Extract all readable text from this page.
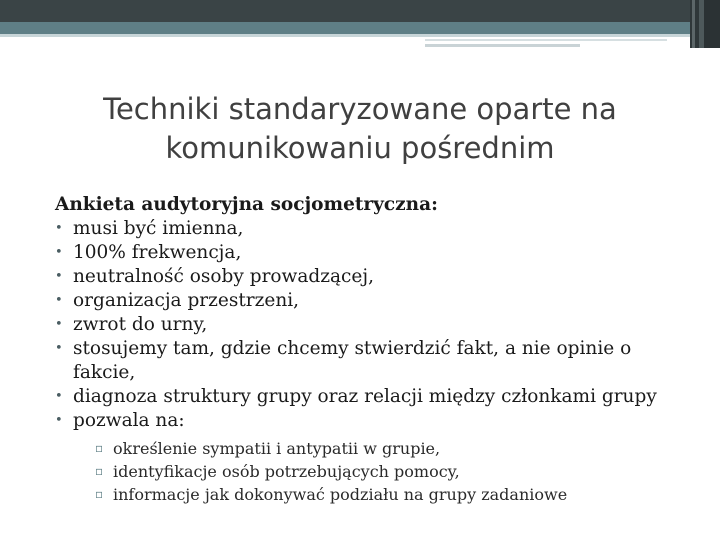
Techniki standaryzowane oparte na komunikowaniu pośrednim

Ankieta audytoryjna socjometryczna:

• musi być imienna,
• 100% frekwencja,
• neutralność osoby prowadzącej,
• organizacja przestrzeni,
• zwrot do urny,
• stosujemy tam, gdzie chcemy stwierdzić fakt, a nie opinie o fakcie,
• diagnoza struktury grupy oraz relacji między członkami grupy
• pozwala na:
▫ określenie sympatii i antypatii w grupie,
▫ identyfikacje osób potrzebujących pomocy,
▫ informacje jak dokonywać podziału na grupy zadaniowe
